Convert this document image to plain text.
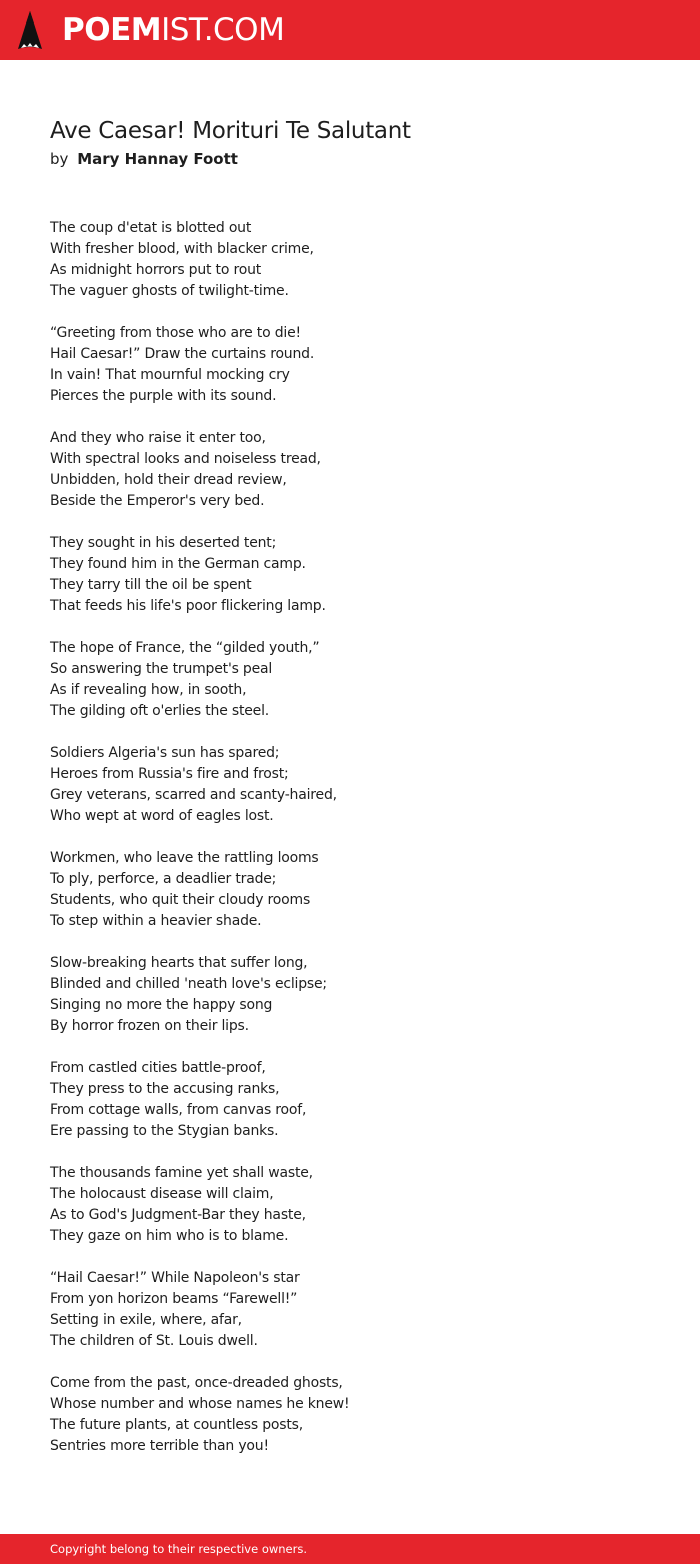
POEMIST.COM
Ave Caesar! Morituri Te Salutant
by Mary Hannay Foott
The coup d'etat is blotted out
With fresher blood, with blacker crime,
As midnight horrors put to rout
The vaguer ghosts of twilight-time.
“Greeting from those who are to die!
Hail Caesar!” Draw the curtains round.
In vain! That mournful mocking cry
Pierces the purple with its sound.
And they who raise it enter too,
With spectral looks and noiseless tread,
Unbidden, hold their dread review,
Beside the Emperor's very bed.
They sought in his deserted tent;
They found him in the German camp.
They tarry till the oil be spent
That feeds his life's poor flickering lamp.
The hope of France, the “gilded youth,”
So answering the trumpet's peal
As if revealing how, in sooth,
The gilding oft o'erlies the steel.
Soldiers Algeria's sun has spared;
Heroes from Russia's fire and frost;
Grey veterans, scarred and scanty-haired,
Who wept at word of eagles lost.
Workmen, who leave the rattling looms
To ply, perforce, a deadlier trade;
Students, who quit their cloudy rooms
To step within a heavier shade.
Slow-breaking hearts that suffer long,
Blinded and chilled 'neath love's eclipse;
Singing no more the happy song
By horror frozen on their lips.
From castled cities battle-proof,
They press to the accusing ranks,
From cottage walls, from canvas roof,
Ere passing to the Stygian banks.
The thousands famine yet shall waste,
The holocaust disease will claim,
As to God's Judgment-Bar they haste,
They gaze on him who is to blame.
“Hail Caesar!” While Napoleon's star
From yon horizon beams “Farewell!”
Setting in exile, where, afar,
The children of St. Louis dwell.
Come from the past, once-dreaded ghosts,
Whose number and whose names he knew!
The future plants, at countless posts,
Sentries more terrible than you!
Copyright belong to their respective owners.
